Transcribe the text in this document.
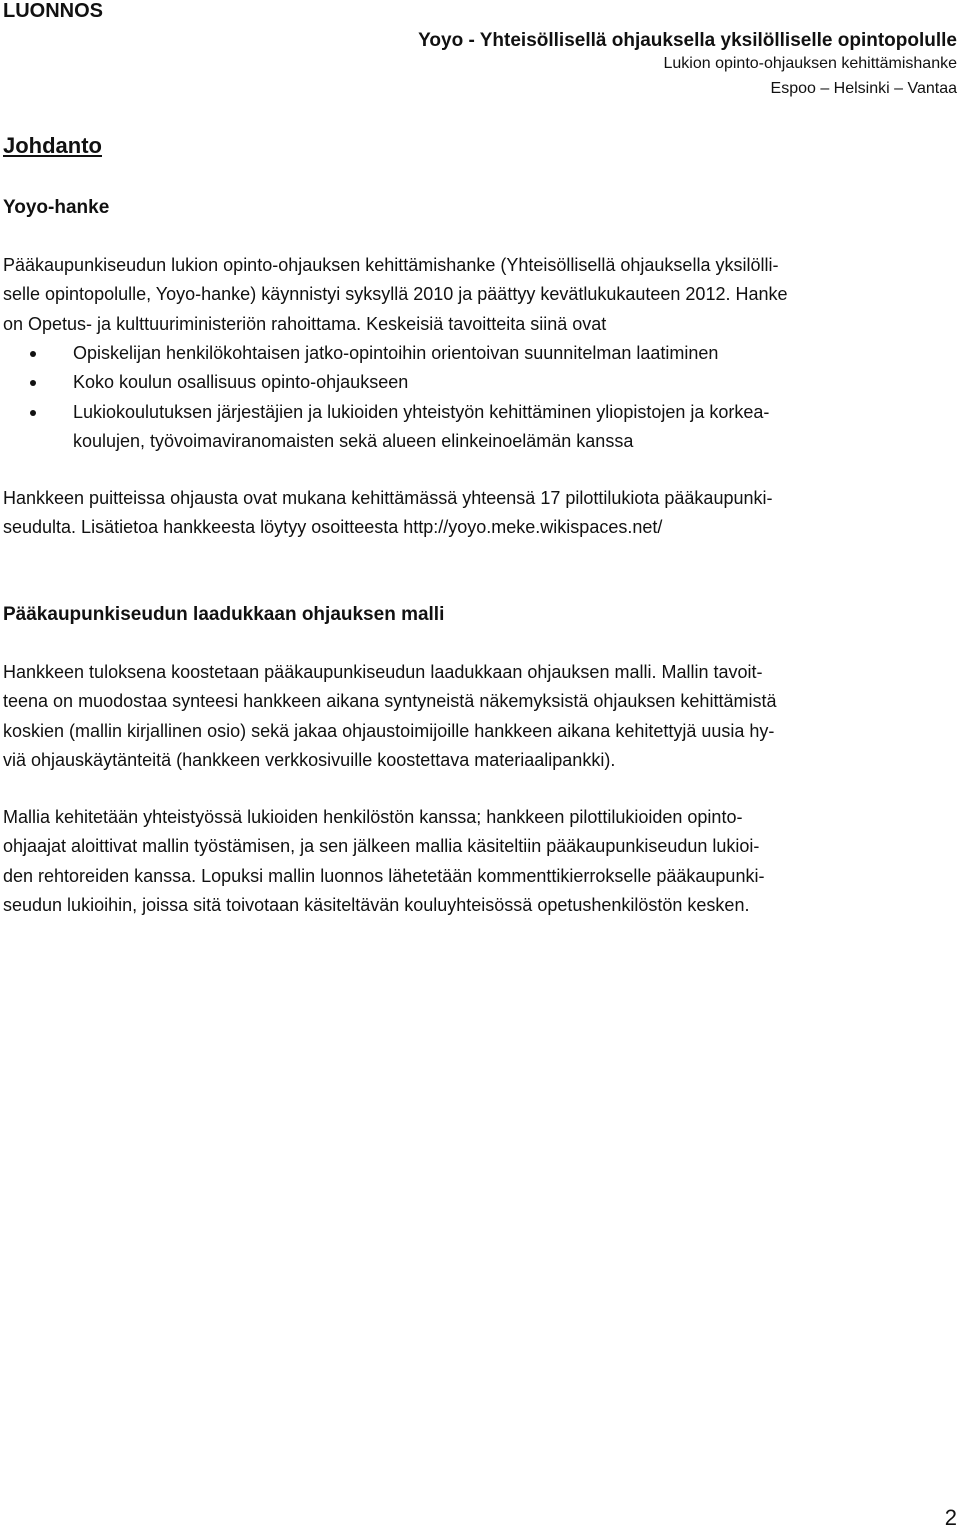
LUONNOS
Yoyo - Yhteisöllisellä ohjauksella yksilölliselle opintopolulle
Lukion opinto-ohjauksen kehittämishanke
Espoo – Helsinki – Vantaa
Johdanto
Yoyo-hanke
Pääkaupunkiseudun lukion opinto-ohjauksen kehittämishanke (Yhteisöllisellä ohjauksella yksilölli-
selle opintopolulle, Yoyo-hanke) käynnistyi syksyllä 2010 ja päättyy kevätlukukauteen 2012. Hanke
on Opetus- ja kulttuuriministeriön rahoittama. Keskeisiä tavoitteita siinä ovat
Opiskelijan henkilökohtaisen jatko-opintoihin orientoivan suunnitelman laatiminen
Koko koulun osallisuus opinto-ohjaukseen
Lukiokoulutuksen järjestäjien ja lukioiden yhteistyön kehittäminen yliopistojen ja korkea-
koulujen, työvoimaviranomaisten sekä alueen elinkeinoelämän kanssa
Hankkeen puitteissa ohjausta ovat mukana kehittämässä yhteensä 17 pilottilukiota pääkaupunki-
seudulta. Lisätietoa hankkeesta löytyy osoitteesta http://yoyo.meke.wikispaces.net/
Pääkaupunkiseudun laadukkaan ohjauksen malli
Hankkeen tuloksena koostetaan pääkaupunkiseudun laadukkaan ohjauksen malli. Mallin tavoit-
teena on muodostaa synteesi hankkeen aikana syntyneistä näkemyksistä ohjauksen kehittämistä
koskien (mallin kirjallinen osio) sekä jakaa ohjaustoimijoille hankkeen aikana kehitettyjä uusia hy-
viä ohjauskäytänteitä (hankkeen verkkosivuille koostettava materiaalipankki).
Mallia kehitetään yhteistyössä lukioiden henkilöstön kanssa; hankkeen pilottilukioiden opinto-
ohjaajat aloittivat mallin työstämisen, ja sen jälkeen mallia käsiteltiin pääkaupunkiseudun lukioi-
den rehtoreiden kanssa. Lopuksi mallin luonnos lähetetään kommenttikierrokselle pääkaupunki-
seudun lukioihin, joissa sitä toivotaan käsiteltävän kouluyhteisössä opetushenkilöstön kesken.
2
